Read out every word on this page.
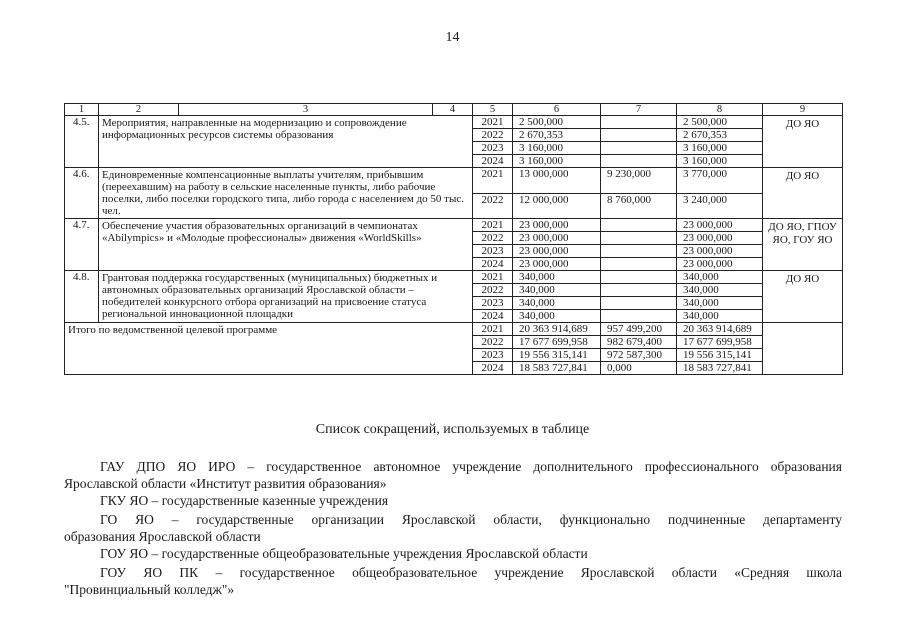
14
1	2	3	4	5	6	7	8	9
4.5.	Мероприятия, направленные на модернизацию и сопровождение информационных ресурсов системы образования			2021	2 500,000		2 500,000	ДО ЯО
				2022	2 670,353		2 670,353	
				2023	3 160,000		3 160,000	
				2024	3 160,000		3 160,000	
4.6.	Единовременные компенсационные выплаты учителям, прибывшим (переехавшим) на работу в сельские населенные пункты, либо рабочие поселки, либо поселки городского типа, либо города с населением до 50 тыс. чел.			2021	13 000,000	9 230,000	3 770,000	ДО ЯО
				2022	12 000,000	8 760,000	3 240,000	
4.7.	Обеспечение участия образовательных организаций в чемпионатах «Abilympics» и «Молодые профессионалы» движения «WorldSkills»			2021	23 000,000		23 000,000	ДО ЯО, ГПОУ ЯО, ГОУ ЯО
				2022	23 000,000		23 000,000	
				2023	23 000,000		23 000,000	
				2024	23 000,000		23 000,000	
4.8.	Грантовая поддержка государственных (муниципальных) бюджетных и автономных образовательных организаций Ярославской области – победителей конкурсного отбора организаций на присвоение статуса региональной инновационной площадки			2021	340,000		340,000	ДО ЯО
				2022	340,000		340,000	
				2023	340,000		340,000	
				2024	340,000		340,000	
Итого по ведомственной целевой программе				2021	20 363 914,689	957 499,200	20 363 914,689	
				2022	17 677 699,958	982 679,400	17 677 699,958	
				2023	19 556 315,141	972 587,300	19 556 315,141	
				2024	18 583 727,841	0,000	18 583 727,841	
Список сокращений, используемых в таблице
ГАУ ДПО ЯО ИРО – государственное автономное учреждение дополнительного профессионального образования
Ярославской области «Институт развития образования»
ГКУ ЯО – государственные казенные учреждения
ГО ЯО – государственные организации Ярославской области, функционально подчиненные департаменту
образования Ярославской области
ГОУ ЯО – государственные общеобразовательные учреждения Ярославской области
ГОУ ЯО ПК – государственное общеобразовательное учреждение Ярославской области «Средняя школа
"Провинциальный колледж"»
